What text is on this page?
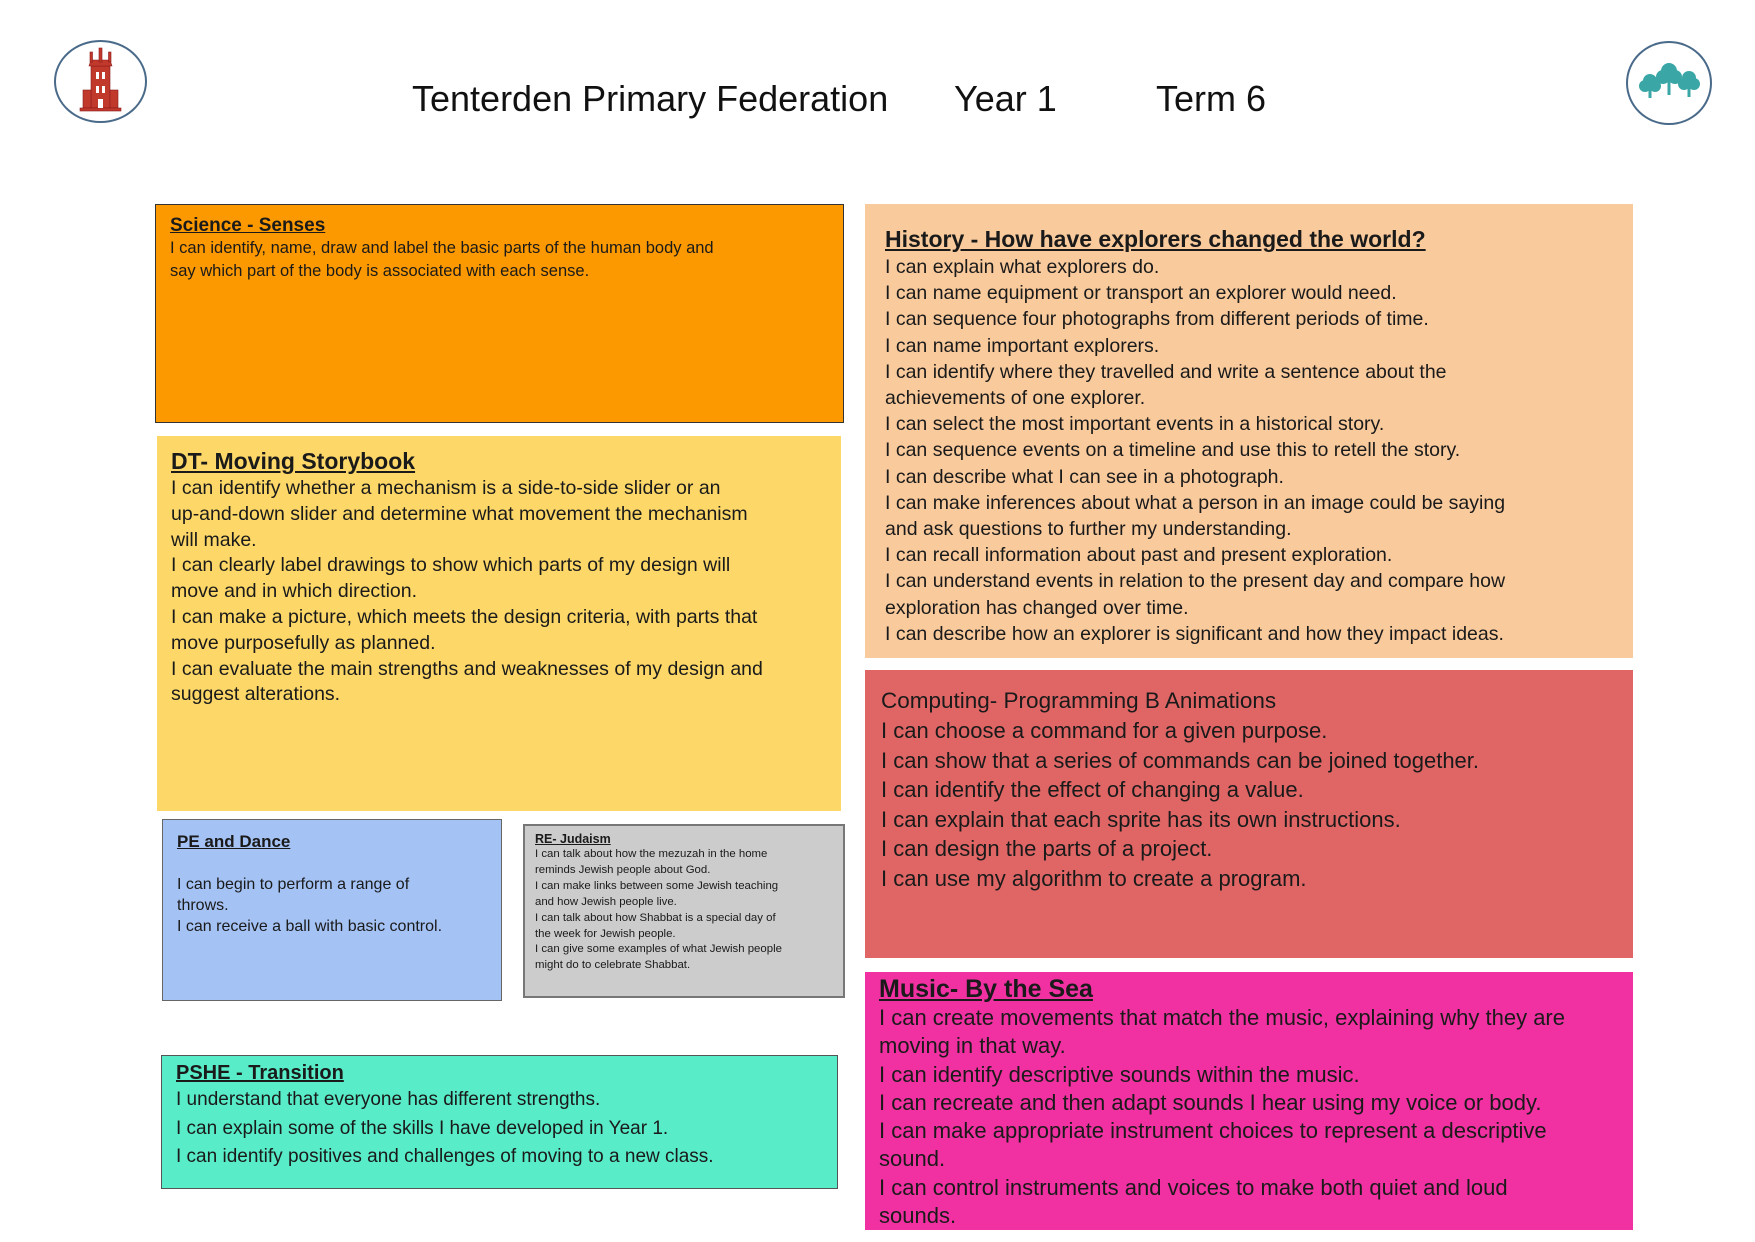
Tenterden Primary Federation Year 1	Term 6
Science - Senses
I can identify, name, draw and label the basic parts of the human body and
say which part of the body is associated with each sense.
DT- Moving Storybook
I can identify whether a mechanism is a side-to-side slider or an
up-and-down slider and determine what movement the mechanism
will make.
I can clearly label drawings to show which parts of my design will
move and in which direction.
I can make a picture, which meets the design criteria, with parts that
move purposefully as planned.
I can evaluate the main strengths and weaknesses of my design and
suggest alterations.
PE and Dance
I can begin to perform a range of
throws.
I can receive a ball with basic control.
RE- Judaism
I can talk about how the mezuzah in the home
reminds Jewish people about God.
I can make links between some Jewish teaching
and how Jewish people live.
I can talk about how Shabbat is a special day of
the week for Jewish people.
I can give some examples of what Jewish people
might do to celebrate Shabbat.
PSHE - Transition
I understand that everyone has different strengths.
I can explain some of the skills I have developed in Year 1.
I can identify positives and challenges of moving to a new class.
History - How have explorers changed the world?
I can explain what explorers do.
I can name equipment or transport an explorer would need.
I can sequence four photographs from different periods of time.
I can name important explorers.
I can identify where they travelled and write a sentence about the
achievements of one explorer.
I can select the most important events in a historical story.
I can sequence events on a timeline and use this to retell the story.
I can describe what I can see in a photograph.
I can make inferences about what a person in an image could be saying
and ask questions to further my understanding.
I can recall information about past and present exploration.
I can understand events in relation to the present day and compare how
exploration has changed over time.
I can describe how an explorer is significant and how they impact ideas.
Computing- Programming B Animations
I can choose a command for a given purpose.
I can show that a series of commands can be joined together.
I can identify the effect of changing a value.
I can explain that each sprite has its own instructions.
I can design the parts of a project.
I can use my algorithm to create a program.
Music- By the Sea
I can create movements that match the music, explaining why they are
moving in that way.
I can identify descriptive sounds within the music.
I can recreate and then adapt sounds I hear using my voice or body.
I can make appropriate instrument choices to represent a descriptive
sound.
I can control instruments and voices to make both quiet and loud
sounds.
